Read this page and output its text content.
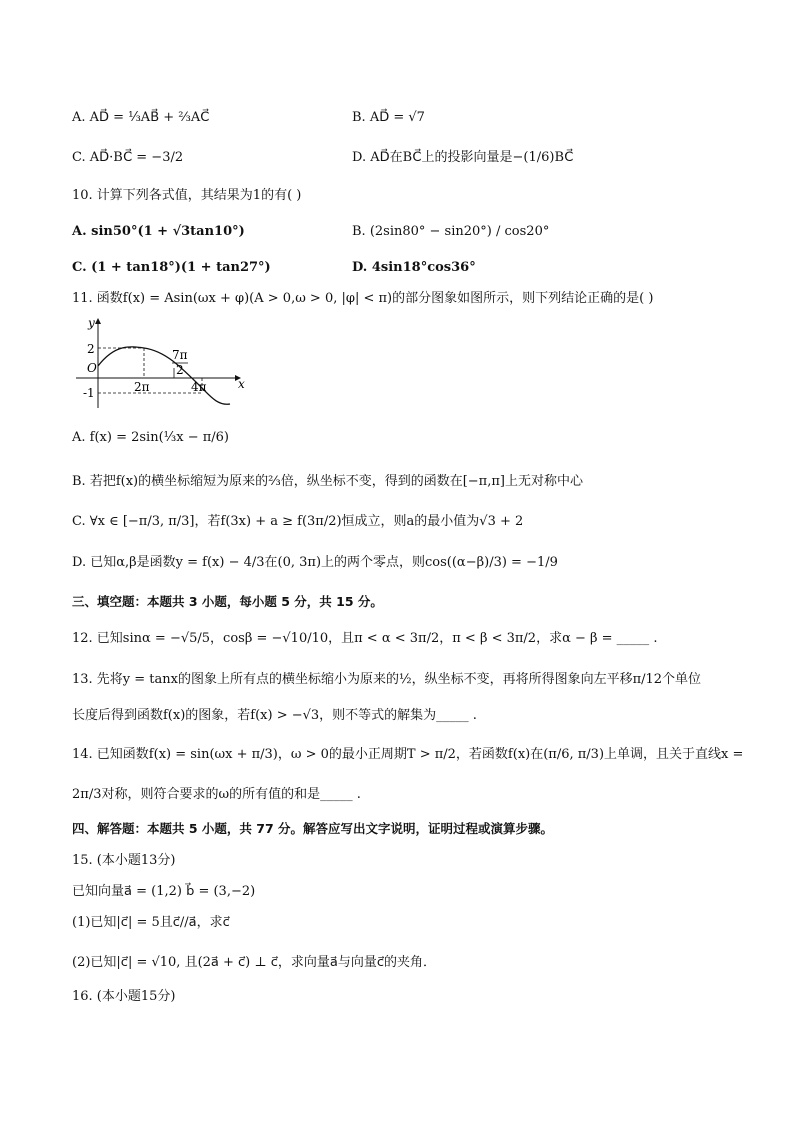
A. AD⃗ = ⅓AB⃗ + ⅔AC⃗	B. AD⃗ = √7
C. AD⃗·BC⃗ = −3/2	D. AD⃗在BC⃗上的投影向量是−(1/6)BC⃗
10. 计算下列各式值，其结果为1的有( )
A. sin50°(1 + √3tan10°)	B. (2sin80° − sin20°) / cos20°
C. (1 + tan18°)(1 + tan27°)	D. 4sin18°cos36°
11. 函数f(x) = Asin(ωx + φ)(A > 0,ω > 0, |φ| < π)的部分图象如图所示，则下列结论正确的是( )
y
x
O
2
-1	2π	4π
7π
2
A. f(x) = 2sin(⅓x − π/6)
B. 若把f(x)的横坐标缩短为原来的⅔倍，纵坐标不变，得到的函数在[−π,π]上无对称中心
C. ∀x ∈ [−π/3, π/3]，若f(3x) + a ≥ f(3π/2)恒成立，则a的最小值为√3 + 2
D. 已知α,β是函数y = f(x) − 4/3在(0, 3π)上的两个零点，则cos((α−β)/3) = −1/9
三、填空题：本题共 3 小题，每小题 5 分，共 15 分。
12. 已知sinα = −√5/5，cosβ = −√10/10，且π < α < 3π/2，π < β < 3π/2，求α − β = _____ .
13. 先将y = tanx的图象上所有点的横坐标缩小为原来的½，纵坐标不变，再将所得图象向左平移π/12个单位
长度后得到函数f(x)的图象，若f(x) > −√3，则不等式的解集为_____ .
14. 已知函数f(x) = sin(ωx + π/3)，ω > 0的最小正周期T > π/2，若函数f(x)在(π/6, π/3)上单调，且关于直线x =
2π/3对称，则符合要求的ω的所有值的和是_____ .
四、解答题：本题共 5 小题，共 77 分。解答应写出文字说明，证明过程或演算步骤。
15. (本小题13分)
已知向量a⃗ = (1,2) b⃗ = (3,−2)
(1)已知|c⃗| = 5且c⃗//a⃗，求c⃗
(2)已知|c⃗| = √10, 且(2a⃗ + c⃗) ⊥ c⃗，求向量a⃗与向量c⃗的夹角．
16. (本小题15分)
